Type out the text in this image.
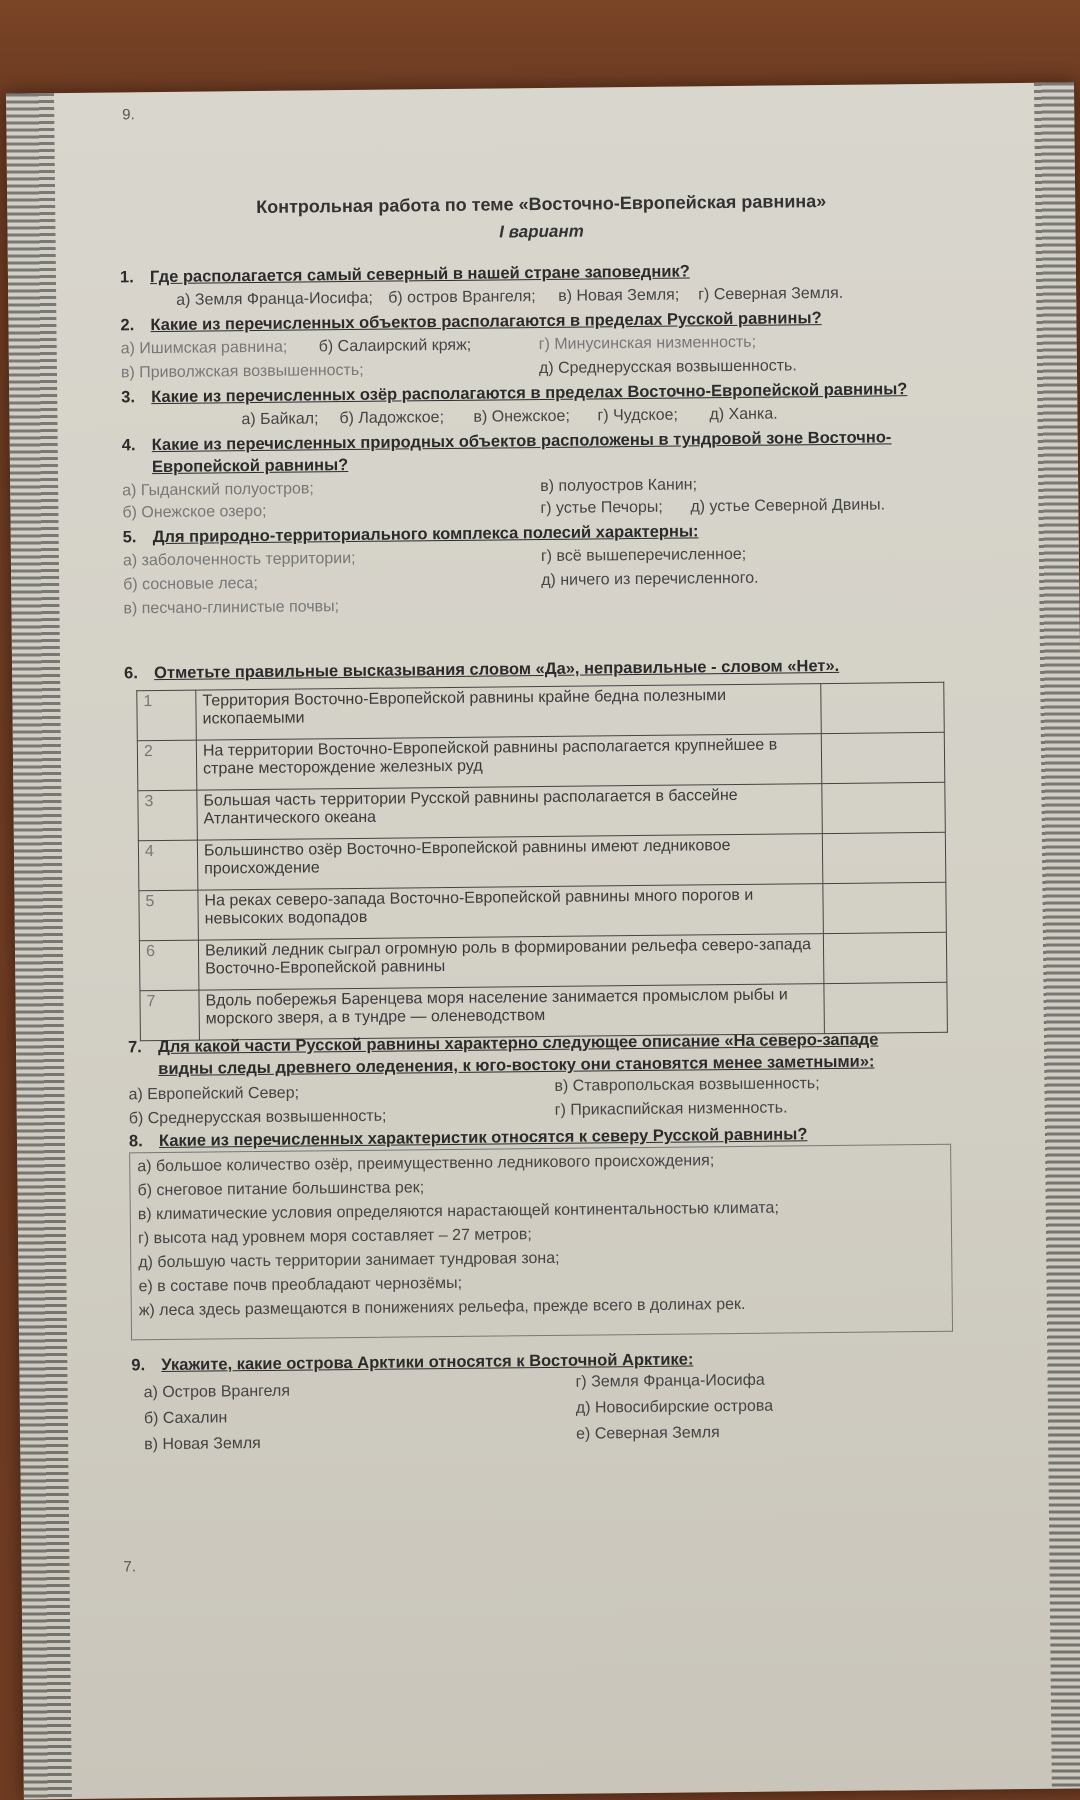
9.
Контрольная работа по теме «Восточно-Европейская равнина»
I вариант
1. Где располагается самый северный в нашей стране заповедник?
а) Земля Франца-Иосифа; б) остров Врангеля; в) Новая Земля; г) Северная Земля.
2. Какие из перечисленных объектов располагаются в пределах Русской равнины?
а) Ишимская равнина; б) Салаирский кряж;	г) Минусинская низменность;
в) Приволжская возвышенность;	д) Среднерусская возвышенность.
3. Какие из перечисленных озёр располагаются в пределах Восточно-Европейской равнины?
а) Байкал; б) Ладожское; в) Онежское; г) Чудское; д) Ханка.
4. Какие из перечисленных природных объектов расположены в тундровой зоне Восточно-
Европейской равнины?
а) Гыданский полуостров;	в) полуостров Канин;
б) Онежское озеро;	г) устье Печоры; д) устье Северной Двины.
5. Для природно-территориального комплекса полесий характерны:
а) заболоченность территории;	г) всё вышеперечисленное;
б) сосновые леса;	д) ничего из перечисленного.
в) песчано-глинистые почвы;
6. Отметьте правильные высказывания словом «Да», неправильные - словом «Нет».
1	Территория Восточно-Европейской равнины крайне бедна полезными ископаемыми	
2	На территории Восточно-Европейской равнины располагается крупнейшее в стране месторождение железных руд	
3	Большая часть территории Русской равнины располагается в бассейне Атлантического океана	
4	Большинство озёр Восточно-Европейской равнины имеют ледниковое происхождение	
5	На реках северо-запада Восточно-Европейской равнины много порогов и невысоких водопадов	
6	Великий ледник сыграл огромную роль в формировании рельефа северо-запада Восточно-Европейской равнины	
7	Вдоль побережья Баренцева моря население занимается промыслом рыбы и морского зверя, а в тундре — оленеводством	
7. Для какой части Русской равнины характерно следующее описание «На северо-западе
видны следы древнего оледенения, к юго-востоку они становятся менее заметными»:
а) Европейский Север;	в) Ставропольская возвышенность;
б) Среднерусская возвышенность;	г) Прикаспийская низменность.
8. Какие из перечисленных характеристик относятся к северу Русской равнины?
а) большое количество озёр, преимущественно ледникового происхождения;
б) снеговое питание большинства рек;
в) климатические условия определяются нарастающей континентальностью климата;
г) высота над уровнем моря составляет – 27 метров;
д) большую часть территории занимает тундровая зона;
е) в составе почв преобладают чернозёмы;
ж) леса здесь размещаются в понижениях рельефа, прежде всего в долинах рек.
9. Укажите, какие острова Арктики относятся к Восточной Арктике:
а) Остров Врангеля
г) Земля Франца-Иосифа
б) Сахалин
д) Новосибирские острова
в) Новая Земля
е) Северная Земля
7.
